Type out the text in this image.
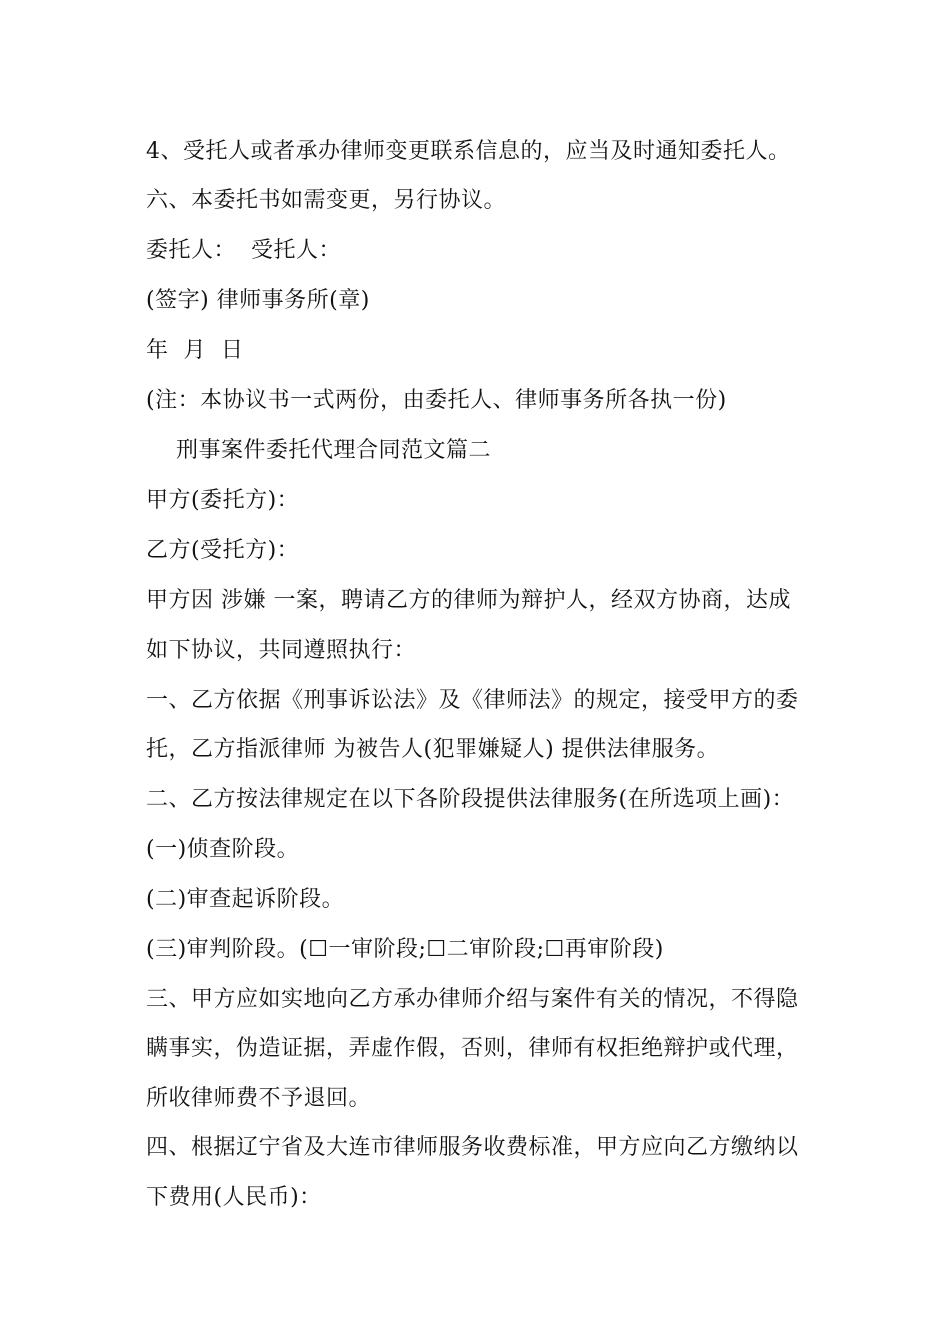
4、受托人或者承办律师变更联系信息的，应当及时通知委托人。
六、本委托书如需变更，另行协议。
委托人：  受托人：
(签字) 律师事务所(章)
年  月  日
(注：本协议书一式两份，由委托人、律师事务所各执一份)
刑事案件委托代理合同范文篇二
甲方(委托方)：
乙方(受托方)：
甲方因 涉嫌 一案，聘请乙方的律师为辩护人，经双方协商，达成
如下协议，共同遵照执行：
一、乙方依据《刑事诉讼法》及《律师法》的规定，接受甲方的委
托，乙方指派律师 为被告人(犯罪嫌疑人) 提供法律服务。
二、乙方按法律规定在以下各阶段提供法律服务(在所选项上画)：
(一)侦查阶段。
(二)审查起诉阶段。
(三)审判阶段。(☐一审阶段;☐二审阶段;☐再审阶段)
三、甲方应如实地向乙方承办律师介绍与案件有关的情况，不得隐
瞒事实，伪造证据，弄虚作假，否则，律师有权拒绝辩护或代理，
所收律师费不予退回。
四、根据辽宁省及大连市律师服务收费标准，甲方应向乙方缴纳以
下费用(人民币)：
